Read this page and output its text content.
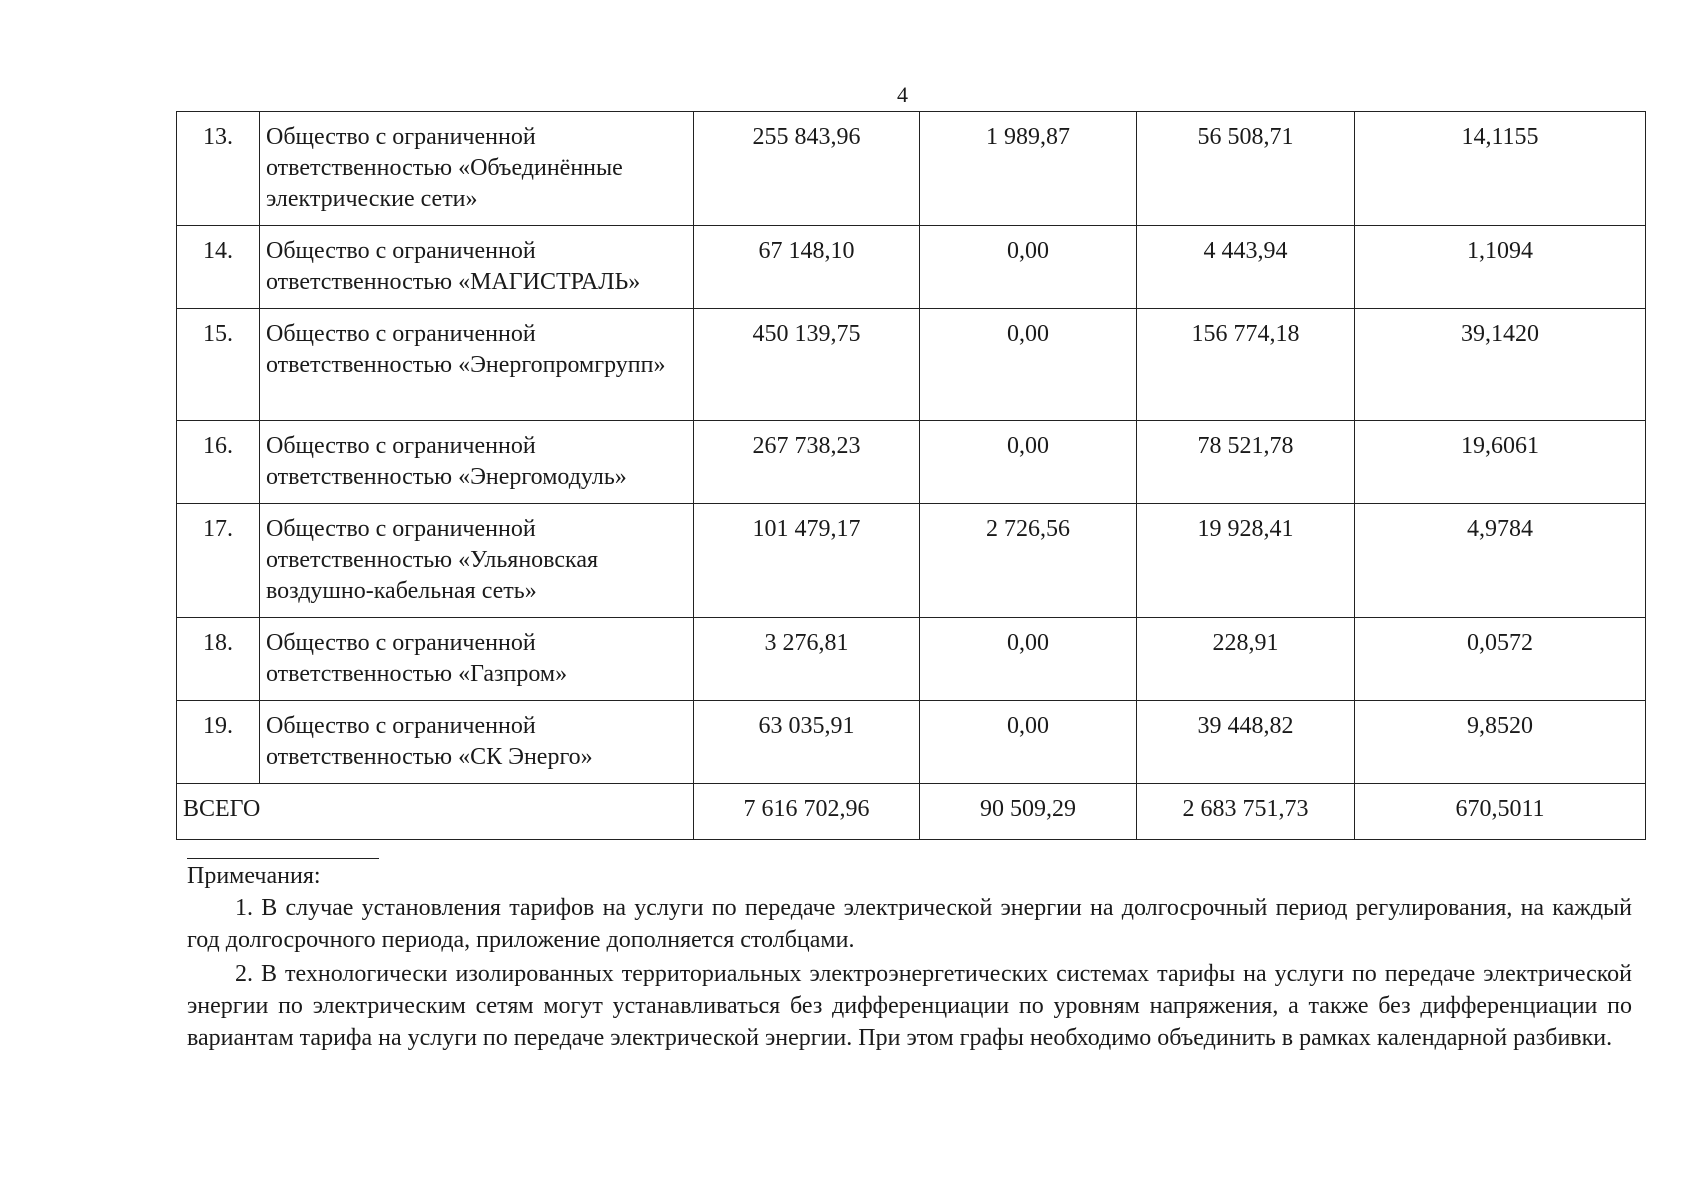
4
13.	Общество с ограниченной ответственностью «Объединённые электрические сети»	255 843,96	1 989,87	56 508,71	14,1155
14.	Общество с ограниченной ответственностью «МАГИСТРАЛЬ»	67 148,10	0,00	4 443,94	1,1094
15.	Общество с ограниченной ответственностью «Энергопромгрупп»	450 139,75	0,00	156 774,18	39,1420
16.	Общество с ограниченной ответственностью «Энергомодуль»	267 738,23	0,00	78 521,78	19,6061
17.	Общество с ограниченной ответственностью «Ульяновская воздушно-кабельная сеть»	101 479,17	2 726,56	19 928,41	4,9784
18.	Общество с ограниченной ответственностью «Газпром»	3 276,81	0,00	228,91	0,0572
19.	Общество с ограниченной ответственностью «СК Энерго»	63 035,91	0,00	39 448,82	9,8520
ВСЕГО		7 616 702,96	90 509,29	2 683 751,73	670,5011

Примечания:

1. В случае установления тарифов на услуги по передаче электрической энергии на долгосрочный период регулирования, на каждый год долгосрочного периода, приложение дополняется столбцами.

2. В технологически изолированных территориальных электроэнергетических системах тарифы на услуги по передаче электрической энергии по электрическим сетям могут устанавливаться без дифференциации по уровням напряжения, а также без дифференциации по вариантам тарифа на услуги по передаче электрической энергии. При этом графы необходимо объединить в рамках календарной разбивки.
